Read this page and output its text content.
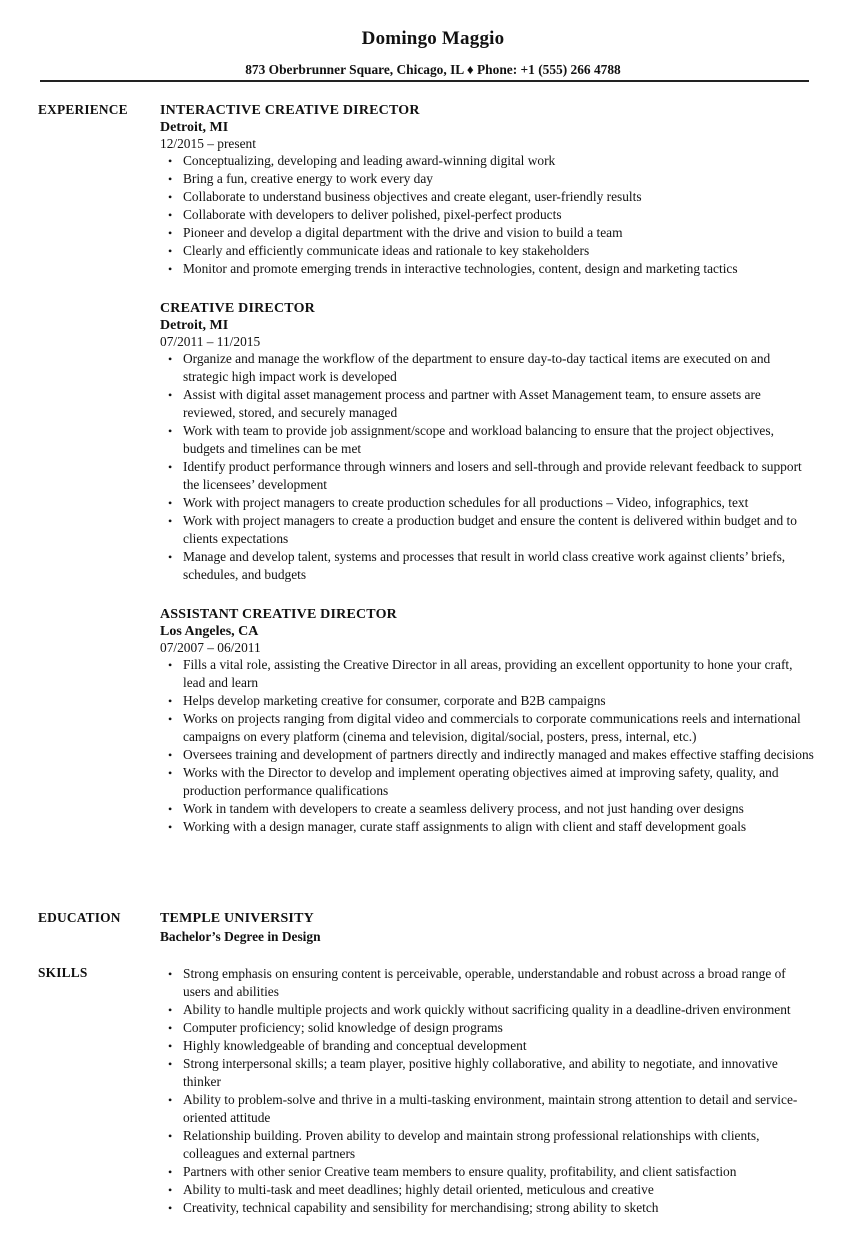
Domingo Maggio
873 Oberbrunner Square, Chicago, IL ♦ Phone: +1 (555) 266 4788
EXPERIENCE INTERACTIVE CREATIVE DIRECTOR
Detroit, MI
12/2015 – present
• Conceptualizing, developing and leading award-winning digital work
• Bring a fun, creative energy to work every day
• Collaborate to understand business objectives and create elegant, user-friendly results
• Collaborate with developers to deliver polished, pixel-perfect products
• Pioneer and develop a digital department with the drive and vision to build a team
• Clearly and efficiently communicate ideas and rationale to key stakeholders
• Monitor and promote emerging trends in interactive technologies, content, design and marketing tactics
CREATIVE DIRECTOR
Detroit, MI
07/2011 – 11/2015
• Organize and manage the workflow of the department to ensure day-to-day tactical items are executed on and strategic high impact work is developed
• Assist with digital asset management process and partner with Asset Management team, to ensure assets are reviewed, stored, and securely managed
• Work with team to provide job assignment/scope and workload balancing to ensure that the project objectives, budgets and timelines can be met
• Identify product performance through winners and losers and sell-through and provide relevant feedback to support the licensees’ development
• Work with project managers to create production schedules for all productions – Video, infographics, text
• Work with project managers to create a production budget and ensure the content is delivered within budget and to clients expectations
• Manage and develop talent, systems and processes that result in world class creative work against clients’ briefs, schedules, and budgets
ASSISTANT CREATIVE DIRECTOR
Los Angeles, CA
07/2007 – 06/2011
• Fills a vital role, assisting the Creative Director in all areas, providing an excellent opportunity to hone your craft, lead and learn
• Helps develop marketing creative for consumer, corporate and B2B campaigns
• Works on projects ranging from digital video and commercials to corporate communications reels and international campaigns on every platform (cinema and television, digital/social, posters, press, internal, etc.)
• Oversees training and development of partners directly and indirectly managed and makes effective staffing decisions
• Works with the Director to develop and implement operating objectives aimed at improving safety, quality, and production performance qualifications
• Work in tandem with developers to create a seamless delivery process, and not just handing over designs
• Working with a design manager, curate staff assignments to align with client and staff development goals
EDUCATION	TEMPLE UNIVERSITY
Bachelor’s Degree in Design
SKILLS	• Strong emphasis on ensuring content is perceivable, operable, understandable and robust across a broad range of users and abilities
• Ability to handle multiple projects and work quickly without sacrificing quality in a deadline-driven environment
• Computer proficiency; solid knowledge of design programs
• Highly knowledgeable of branding and conceptual development
• Strong interpersonal skills; a team player, positive highly collaborative, and ability to negotiate, and innovative thinker
• Ability to problem-solve and thrive in a multi-tasking environment, maintain strong attention to detail and service-oriented attitude
• Relationship building. Proven ability to develop and maintain strong professional relationships with clients, colleagues and external partners
• Partners with other senior Creative team members to ensure quality, profitability, and client satisfaction
• Ability to multi-task and meet deadlines; highly detail oriented, meticulous and creative
• Creativity, technical capability and sensibility for merchandising; strong ability to sketch
